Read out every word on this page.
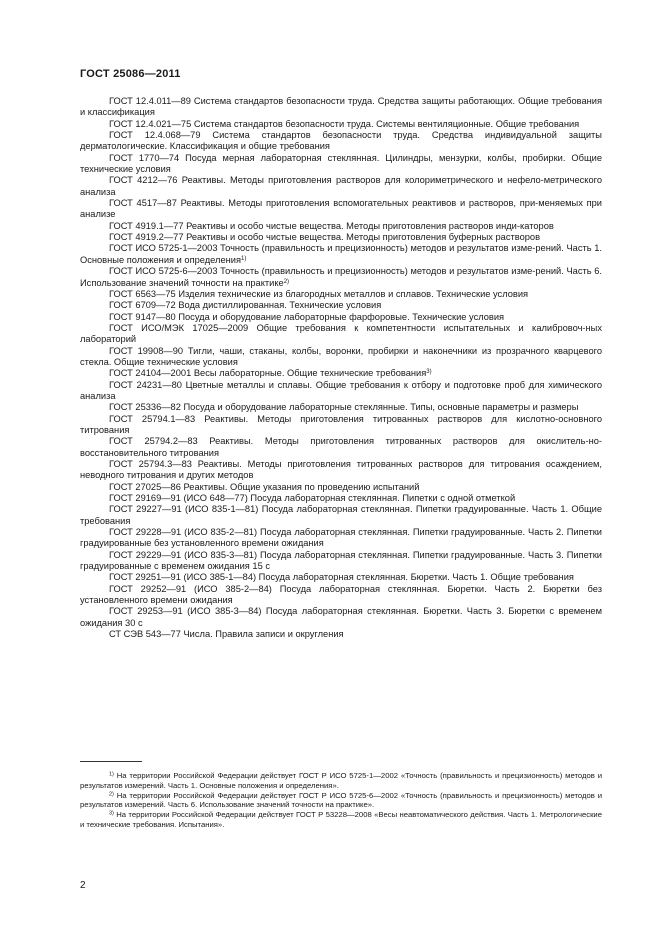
ГОСТ 25086—2011

ГОСТ 12.4.011—89 Система стандартов безопасности труда. Средства защиты работающих. Общие требования и классификация

ГОСТ 12.4.021—75 Система стандартов безопасности труда. Системы вентиляционные. Общие требования

ГОСТ 12.4.068—79 Система стандартов безопасности труда. Средства индивидуальной защиты дерматологические. Классификация и общие требования

ГОСТ 1770—74 Посуда мерная лабораторная стеклянная. Цилиндры, мензурки, колбы, пробирки. Общие технические условия

ГОСТ 4212—76 Реактивы. Методы приготовления растворов для колориметрического и нефело-метрического анализа

ГОСТ 4517—87 Реактивы. Методы приготовления вспомогательных реактивов и растворов, при-меняемых при анализе

ГОСТ 4919.1—77 Реактивы и особо чистые вещества. Методы приготовления растворов инди-каторов

ГОСТ 4919.2—77 Реактивы и особо чистые вещества. Методы приготовления буферных растворов

ГОСТ ИСО 5725-1—2003 Точность (правильность и прецизионность) методов и результатов изме-рений. Часть 1. Основные положения и определения$^{1)}$

ГОСТ ИСО 5725-6—2003 Точность (правильность и прецизионность) методов и результатов изме-рений. Часть 6. Использование значений точности на практике$^{2)}$

ГОСТ 6563—75 Изделия технические из благородных металлов и сплавов. Технические условия

ГОСТ 6709—72 Вода дистиллированная. Технические условия

ГОСТ 9147—80 Посуда и оборудование лабораторные фарфоровые. Технические условия

ГОСТ ИСО/МЭК 17025—2009 Общие требования к компетентности испытательных и калибровоч-ных лабораторий

ГОСТ 19908—90 Тигли, чаши, стаканы, колбы, воронки, пробирки и наконечники из прозрачного кварцевого стекла. Общие технические условия

ГОСТ 24104—2001 Весы лабораторные. Общие технические требования$^{3)}$

ГОСТ 24231—80 Цветные металлы и сплавы. Общие требования к отбору и подготовке проб для химического анализа

ГОСТ 25336—82 Посуда и оборудование лабораторные стеклянные. Типы, основные параметры и размеры

ГОСТ 25794.1—83 Реактивы. Методы приготовления титрованных растворов для кислотно-основного титрования

ГОСТ 25794.2—83 Реактивы. Методы приготовления титрованных растворов для окислитель-но-восстановительного титрования

ГОСТ 25794.3—83 Реактивы. Методы приготовления титрованных растворов для титрования осаждением, неводного титрования и других методов

ГОСТ 27025—86 Реактивы. Общие указания по проведению испытаний

ГОСТ 29169—91 (ИСО 648—77) Посуда лабораторная стеклянная. Пипетки с одной отметкой

ГОСТ 29227—91 (ИСО 835-1—81) Посуда лабораторная стеклянная. Пипетки градуированные. Часть 1. Общие требования

ГОСТ 29228—91 (ИСО 835-2—81) Посуда лабораторная стеклянная. Пипетки градуированные. Часть 2. Пипетки градуированные без установленного времени ожидания

ГОСТ 29229—91 (ИСО 835-3—81) Посуда лабораторная стеклянная. Пипетки градуированные. Часть 3. Пипетки градуированные с временем ожидания 15 с

ГОСТ 29251—91 (ИСО 385-1—84) Посуда лабораторная стеклянная. Бюретки. Часть 1. Общие требования

ГОСТ 29252—91 (ИСО 385-2—84) Посуда лабораторная стеклянная. Бюретки. Часть 2. Бюретки без установленного времени ожидания

ГОСТ 29253—91 (ИСО 385-3—84) Посуда лабораторная стеклянная. Бюретки. Часть 3. Бюретки с временем ожидания 30 с

СТ СЭВ 543—77 Числа. Правила записи и округления

$^{1)}$ На территории Российской Федерации действует ГОСТ Р ИСО 5725-1—2002 «Точность (правильность и прецизионность) методов и результатов измерений. Часть 1. Основные положения и определения».

$^{2)}$ На территории Российской Федерации действует ГОСТ Р ИСО 5725-6—2002 «Точность (правильность и прецизионность) методов и результатов измерений. Часть 6. Использование значений точности на практике».

$^{3)}$ На территории Российской Федерации действует ГОСТ Р 53228—2008 «Весы неавтоматического действия. Часть 1. Метрологические и технические требования. Испытания».

2
